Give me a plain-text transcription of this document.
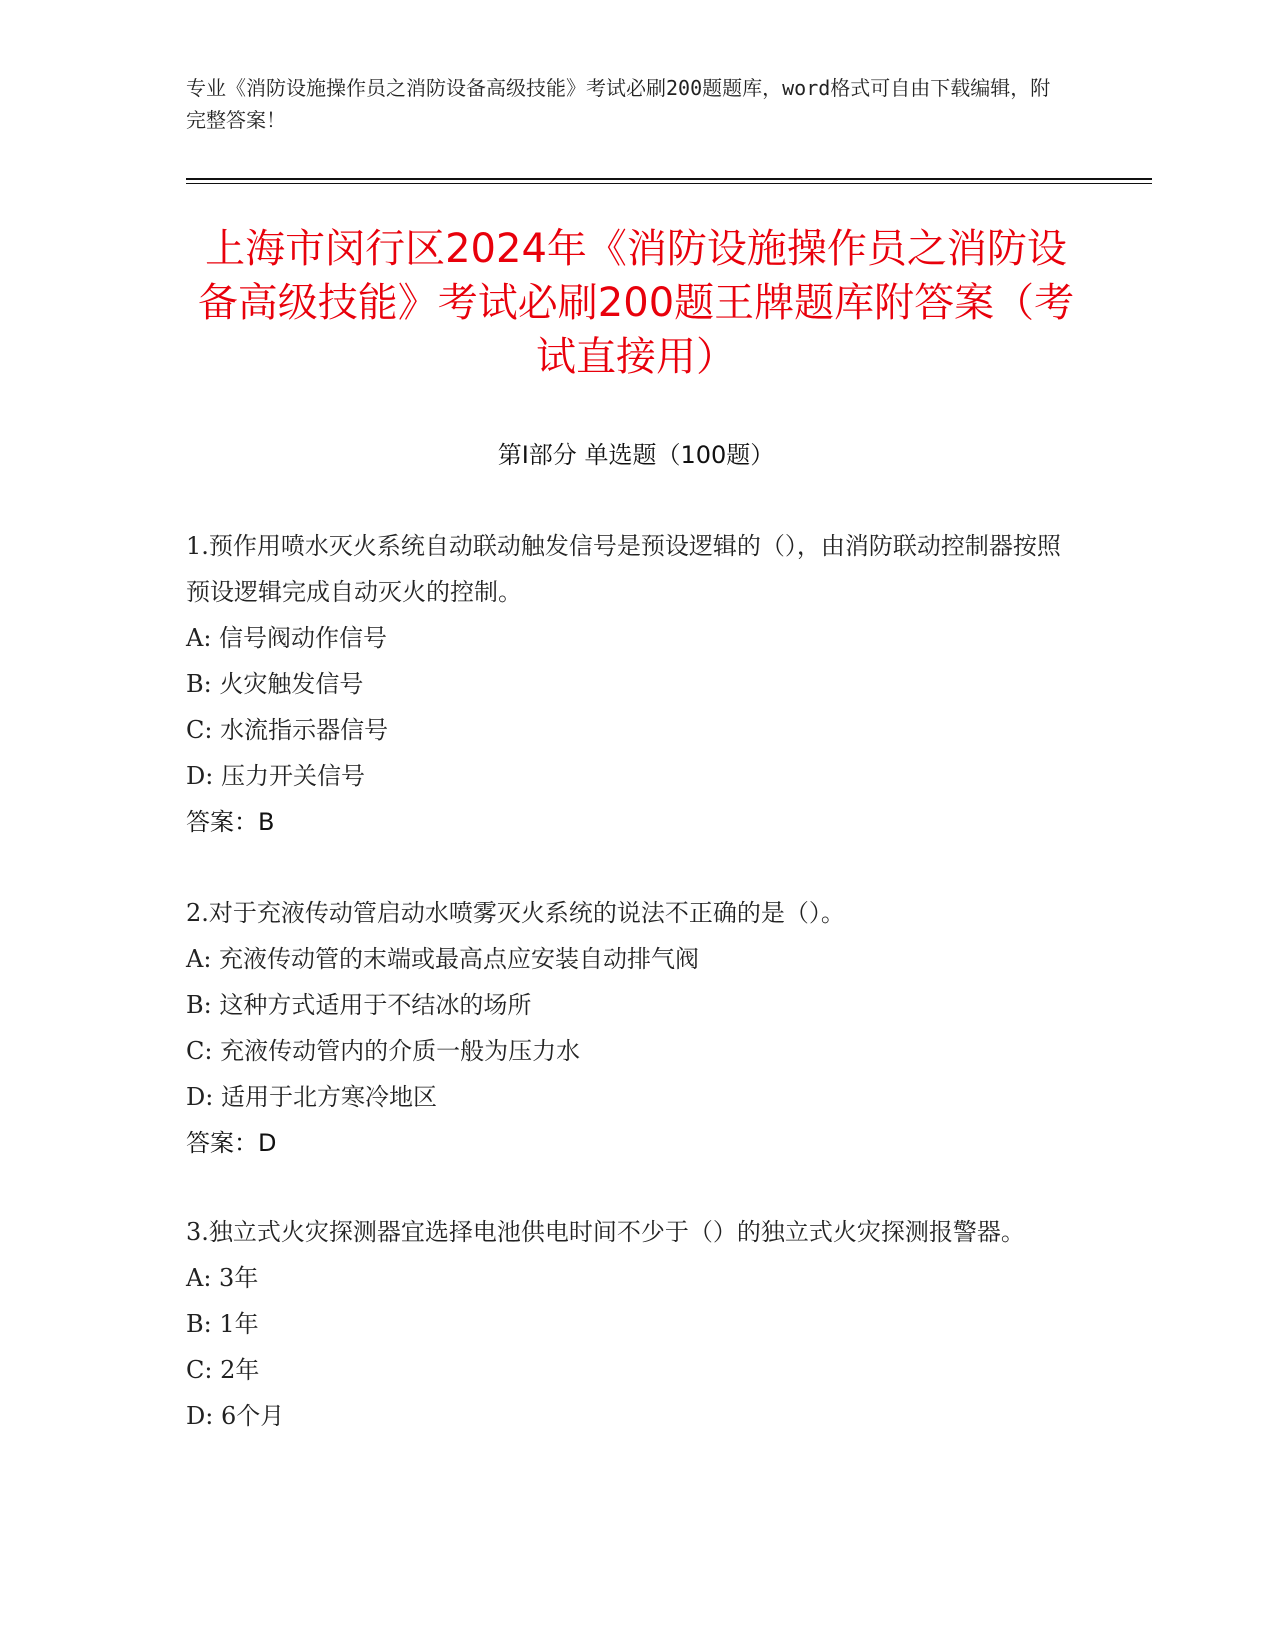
专业《消防设施操作员之消防设备高级技能》考试必刷200题题库，word格式可自由下载编辑，附完整答案！
上海市闵行区2024年《消防设施操作员之消防设备高级技能》考试必刷200题王牌题库附答案（考试直接用）
第Ⅰ部分 单选题（100题）
1.预作用喷水灭火系统自动联动触发信号是预设逻辑的（），由消防联动控制器按照预设逻辑完成自动灭火的控制。
A: 信号阀动作信号
B: 火灾触发信号
C: 水流指示器信号
D: 压力开关信号
答案：B
2.对于充液传动管启动水喷雾灭火系统的说法不正确的是（）。
A: 充液传动管的末端或最高点应安装自动排气阀
B: 这种方式适用于不结冰的场所
C: 充液传动管内的介质一般为压力水
D: 适用于北方寒冷地区
答案：D
3.独立式火灾探测器宜选择电池供电时间不少于（）的独立式火灾探测报警器。
A: 3年
B: 1年
C: 2年
D: 6个月
